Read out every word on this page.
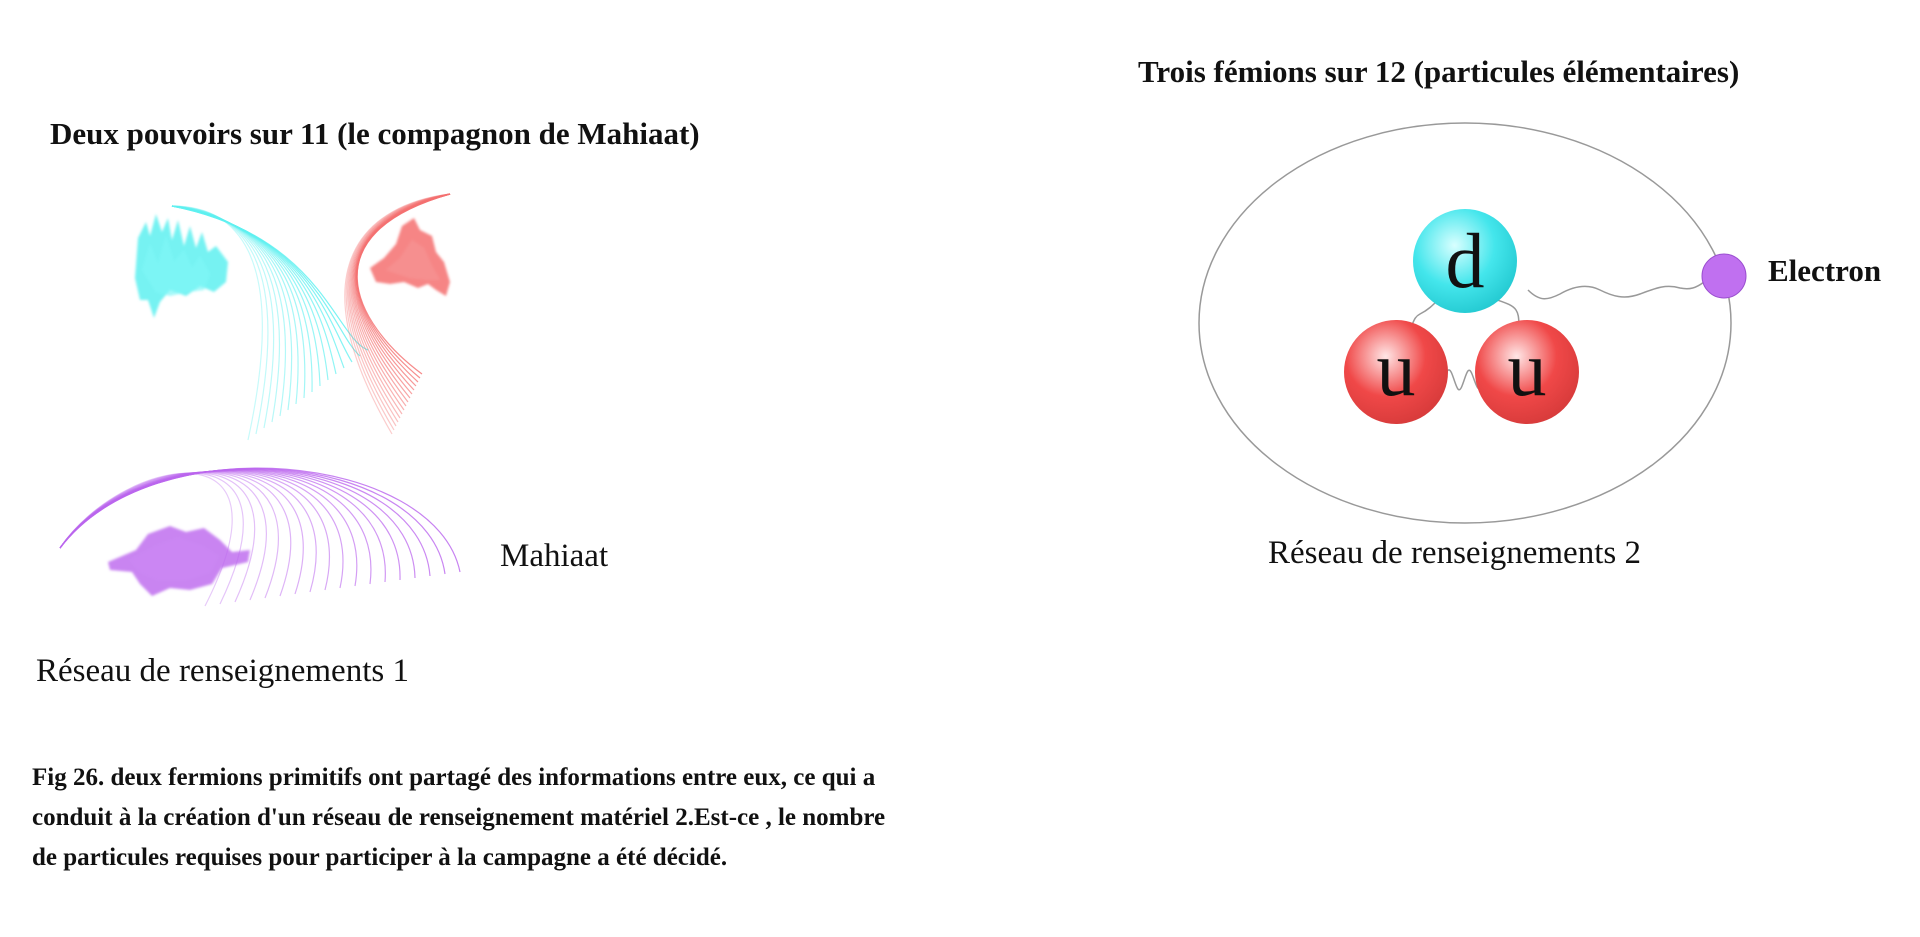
d
u u
Deux pouvoirs sur 11 (le compagnon de Mahiaat)
Trois fémions sur 12 (particules élémentaires)
Mahiaat
Réseau de renseignements 1
Réseau de renseignements 2
Electron
Fig 26. deux fermions primitifs ont partagé des informations entre eux, ce qui a conduit à la création d'un réseau de renseignement matériel 2.Est-ce , le nombre de particules requises pour participer à la campagne a été décidé.
